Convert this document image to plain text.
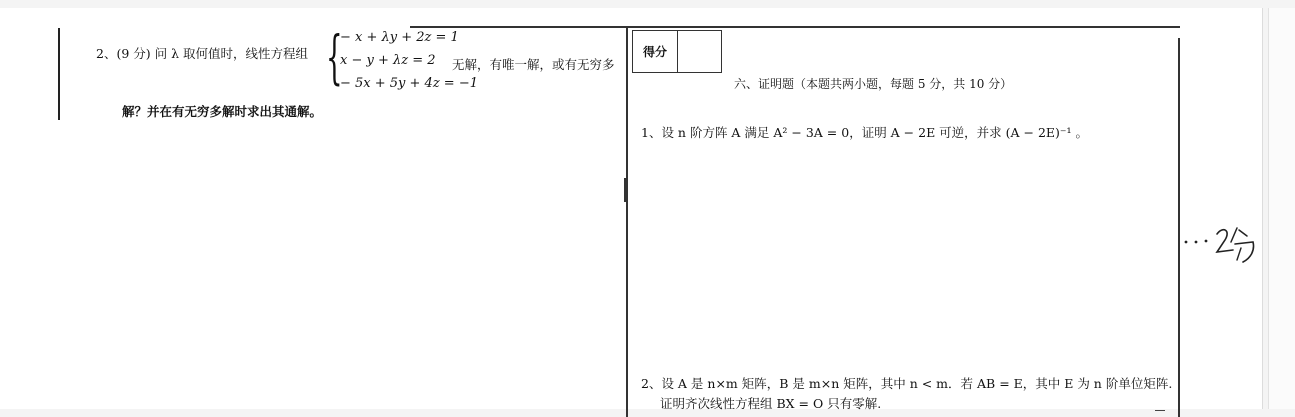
2、(9 分) 问 λ 取何值时，线性方程组 {
− x + λy + 2z = 1
x − y + λz = 2
− 5x + 5y + 4z = −1
无解，有唯一解，或有无穷多
解？并在有无穷多解时求出其通解。
得分
六、证明题（本题共两小题，每题 5 分，共 10 分）
1、设 n 阶方阵 A 满足 A² − 3A = 0，证明 A − 2E 可逆，并求 (A − 2E)⁻¹ 。
2、设 A 是 n×m 矩阵，B 是 m×n 矩阵，其中 n < m．若 AB = E，其中 E 为 n 阶单位矩阵.
证明齐次线性方程组 BX = O 只有零解.
